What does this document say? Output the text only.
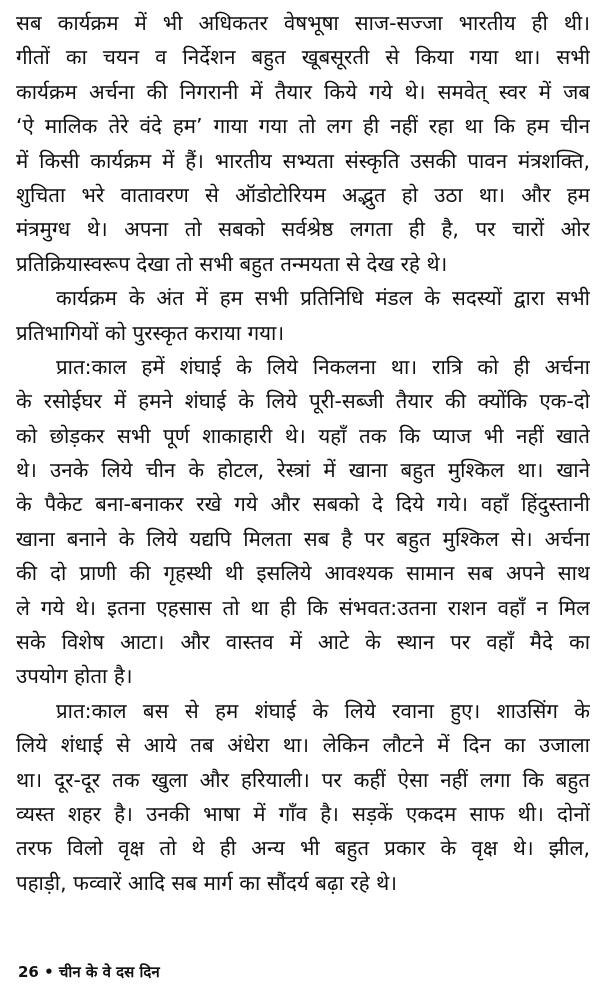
सब कार्यक्रम में भी अधिकतर वेषभूषा साज-सज्जा भारतीय ही थी।
गीतों का चयन व निर्देशन बहुत खूबसूरती से किया गया था। सभी
कार्यक्रम अर्चना की निगरानी में तैयार किये गये थे। समवेत् स्वर में जब
‘ऐ मालिक तेरे वंदे हम’ गाया गया तो लग ही नहीं रहा था कि हम चीन
में किसी कार्यक्रम में हैं। भारतीय सभ्यता संस्कृति उसकी पावन मंत्रशक्ति,
शुचिता भरे वातावरण से ऑडोटोरियम अद्भुत हो उठा था। और हम
मंत्रमुग्ध थे। अपना तो सबको सर्वश्रेष्ठ लगता ही है, पर चारों ओर
प्रतिक्रियास्वरूप देखा तो सभी बहुत तन्मयता से देख रहे थे।
कार्यक्रम के अंत में हम सभी प्रतिनिधि मंडल के सदस्यों द्वारा सभी
प्रतिभागियों को पुरस्कृत कराया गया।
प्रात:काल हमें शंघाई के लिये निकलना था। रात्रि को ही अर्चना
के रसोईघर में हमने शंघाई के लिये पूरी-सब्जी तैयार की क्योंकि एक-दो
को छोड़कर सभी पूर्ण शाकाहारी थे। यहाँ तक कि प्याज भी नहीं खाते
थे। उनके लिये चीन के होटल, रेस्त्रां में खाना बहुत मुश्किल था। खाने
के पैकेट बना-बनाकर रखे गये और सबको दे दिये गये। वहाँ हिंदुस्तानी
खाना बनाने के लिये यद्यपि मिलता सब है पर बहुत मुश्किल से। अर्चना
की दो प्राणी की गृहस्थी थी इसलिये आवश्यक सामान सब अपने साथ
ले गये थे। इतना एहसास तो था ही कि संभवत:उतना राशन वहाँ न मिल
सके विशेष आटा। और वास्तव में आटे के स्थान पर वहाँ मैदे का
उपयोग होता है।
प्रात:काल बस से हम शंघाई के लिये रवाना हुए। शाउसिंग के
लिये शंधाई से आये तब अंधेरा था। लेकिन लौटने में दिन का उजाला
था। दूर-दूर तक खुला और हरियाली। पर कहीं ऐसा नहीं लगा कि बहुत
व्यस्त शहर है। उनकी भाषा में गाँव है। सड़कें एकदम साफ थी। दोनों
तरफ विलो वृक्ष तो थे ही अन्य भी बहुत प्रकार के वृक्ष थे। झील,
पहाड़ी, फव्वारें आदि सब मार्ग का सौंदर्य बढ़ा रहे थे।
26 • चीन के वे दस दिन
